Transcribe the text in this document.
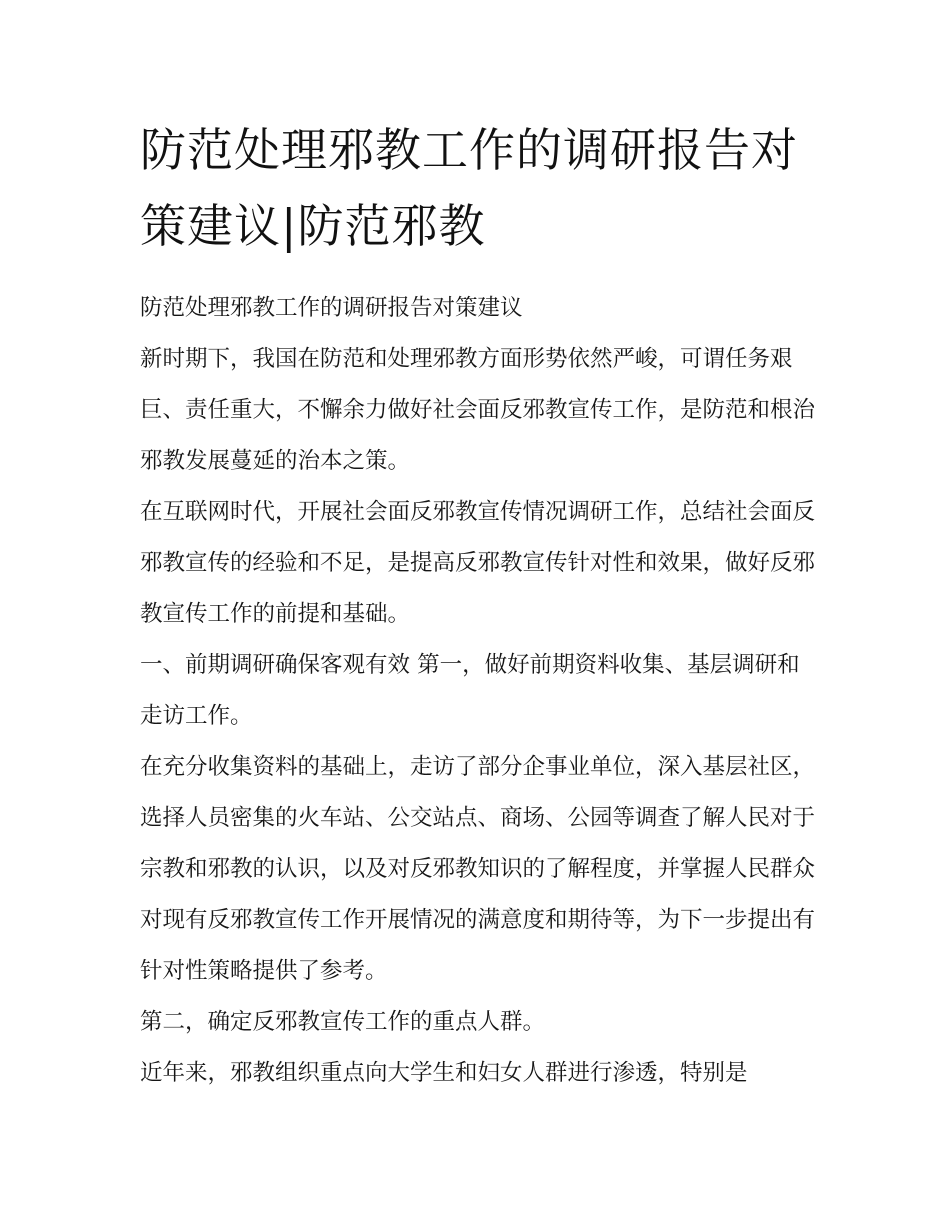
防范处理邪教工作的调研报告对策建议|防范邪教

防范处理邪教工作的调研报告对策建议

新时期下，我国在防范和处理邪教方面形势依然严峻，可谓任务艰巨、责任重大，不懈余力做好社会面反邪教宣传工作，是防范和根治邪教发展蔓延的治本之策。

在互联网时代，开展社会面反邪教宣传情况调研工作，总结社会面反邪教宣传的经验和不足，是提高反邪教宣传针对性和效果，做好反邪教宣传工作的前提和基础。

一、前期调研确保客观有效 第一，做好前期资料收集、基层调研和走访工作。

在充分收集资料的基础上，走访了部分企事业单位，深入基层社区，选择人员密集的火车站、公交站点、商场、公园等调查了解人民对于宗教和邪教的认识，以及对反邪教知识的了解程度，并掌握人民群众对现有反邪教宣传工作开展情况的满意度和期待等，为下一步提出有针对性策略提供了参考。

第二，确定反邪教宣传工作的重点人群。

近年来，邪教组织重点向大学生和妇女人群进行渗透，特别是
